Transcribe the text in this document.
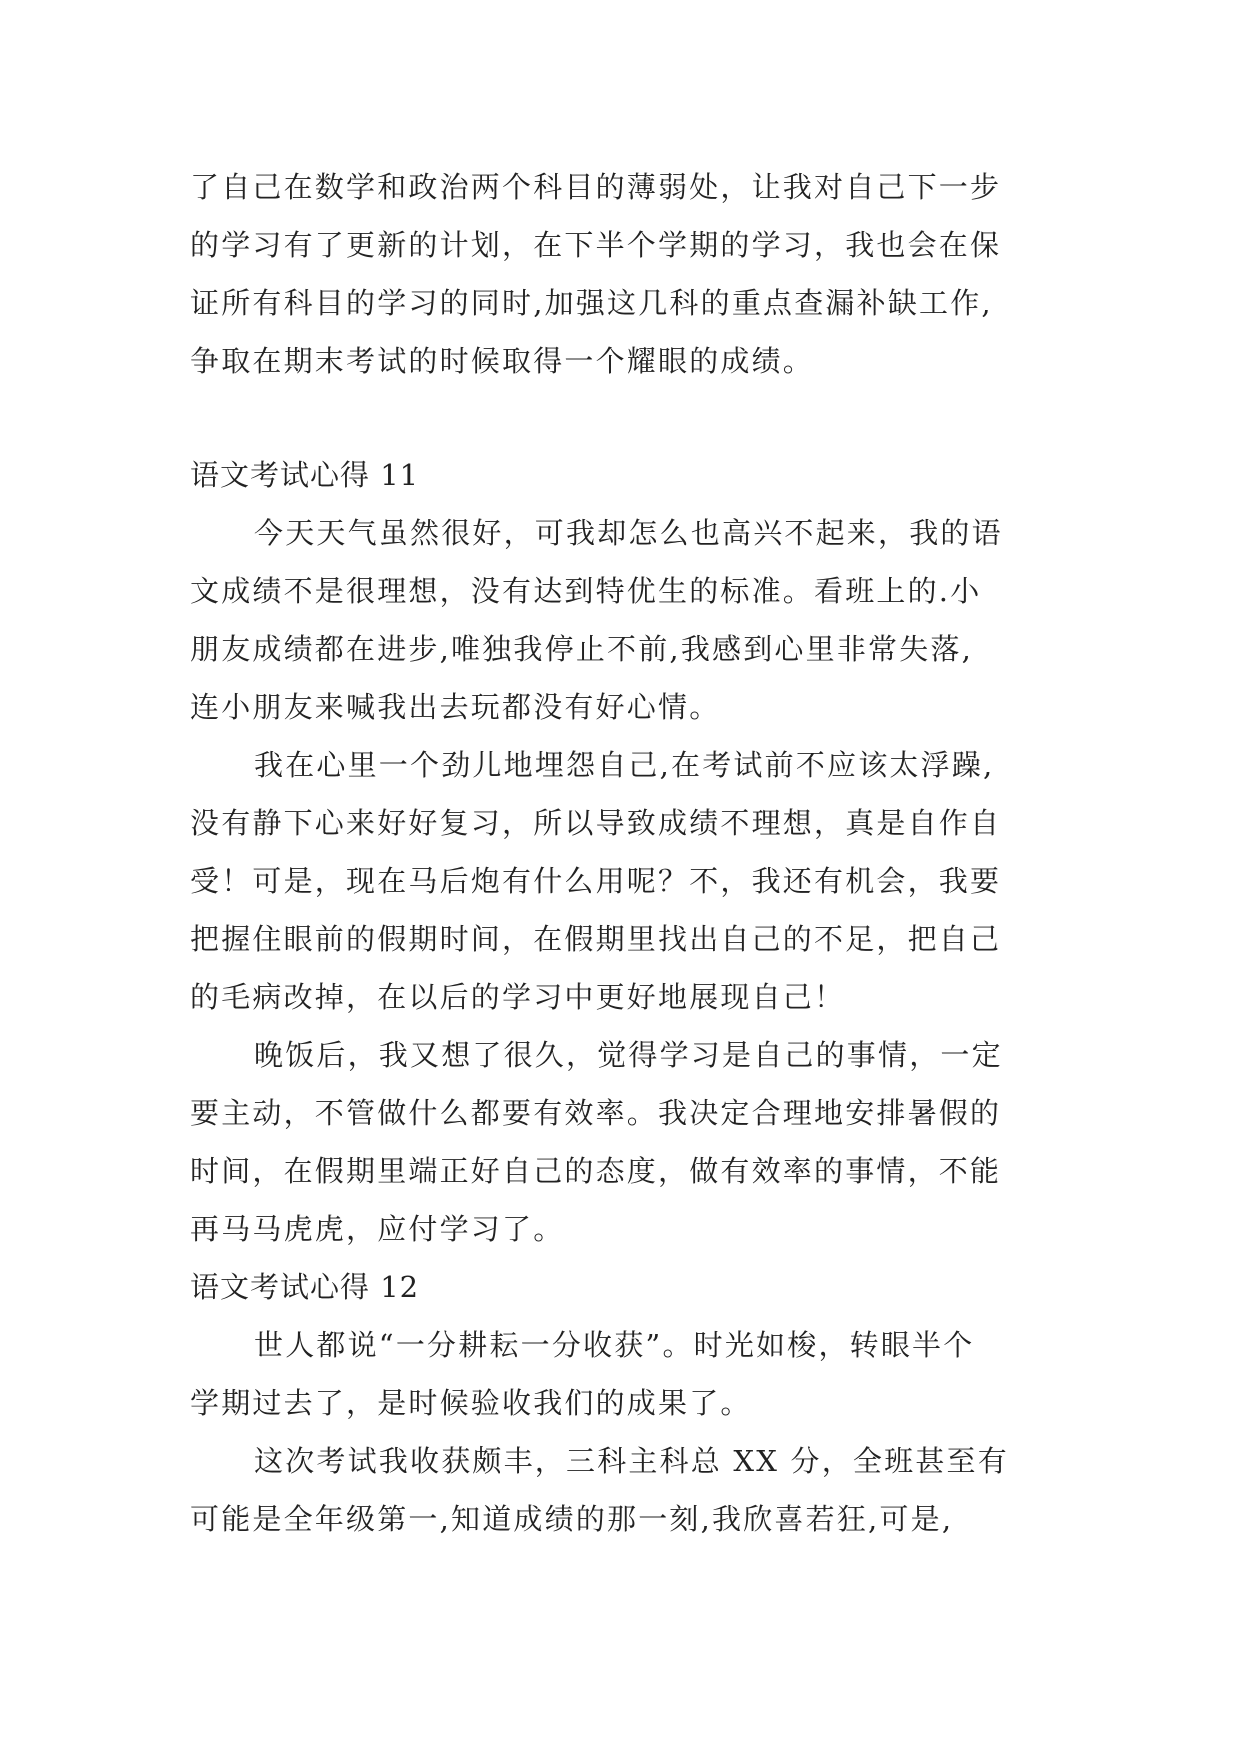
了自己在数学和政治两个科目的薄弱处，让我对自己下一步
的学习有了更新的计划，在下半个学期的学习，我也会在保
证所有科目的学习的同时,加强这几科的重点查漏补缺工作,
争取在期末考试的时候取得一个耀眼的成绩。
语文考试心得 11
今天天气虽然很好，可我却怎么也高兴不起来，我的语
文成绩不是很理想，没有达到特优生的标准。看班上的.小
朋友成绩都在进步,唯独我停止不前,我感到心里非常失落,
连小朋友来喊我出去玩都没有好心情。
我在心里一个劲儿地埋怨自己,在考试前不应该太浮躁,
没有静下心来好好复习，所以导致成绩不理想，真是自作自
受！可是，现在马后炮有什么用呢？不，我还有机会，我要
把握住眼前的假期时间，在假期里找出自己的不足，把自己
的毛病改掉，在以后的学习中更好地展现自己！
晚饭后，我又想了很久，觉得学习是自己的事情，一定
要主动，不管做什么都要有效率。我决定合理地安排暑假的
时间，在假期里端正好自己的态度，做有效率的事情，不能
再马马虎虎，应付学习了。
语文考试心得 12
世人都说“一分耕耘一分收获”。时光如梭，转眼半个
学期过去了，是时候验收我们的成果了。
这次考试我收获颇丰，三科主科总 XX 分，全班甚至有
可能是全年级第一,知道成绩的那一刻,我欣喜若狂,可是,
